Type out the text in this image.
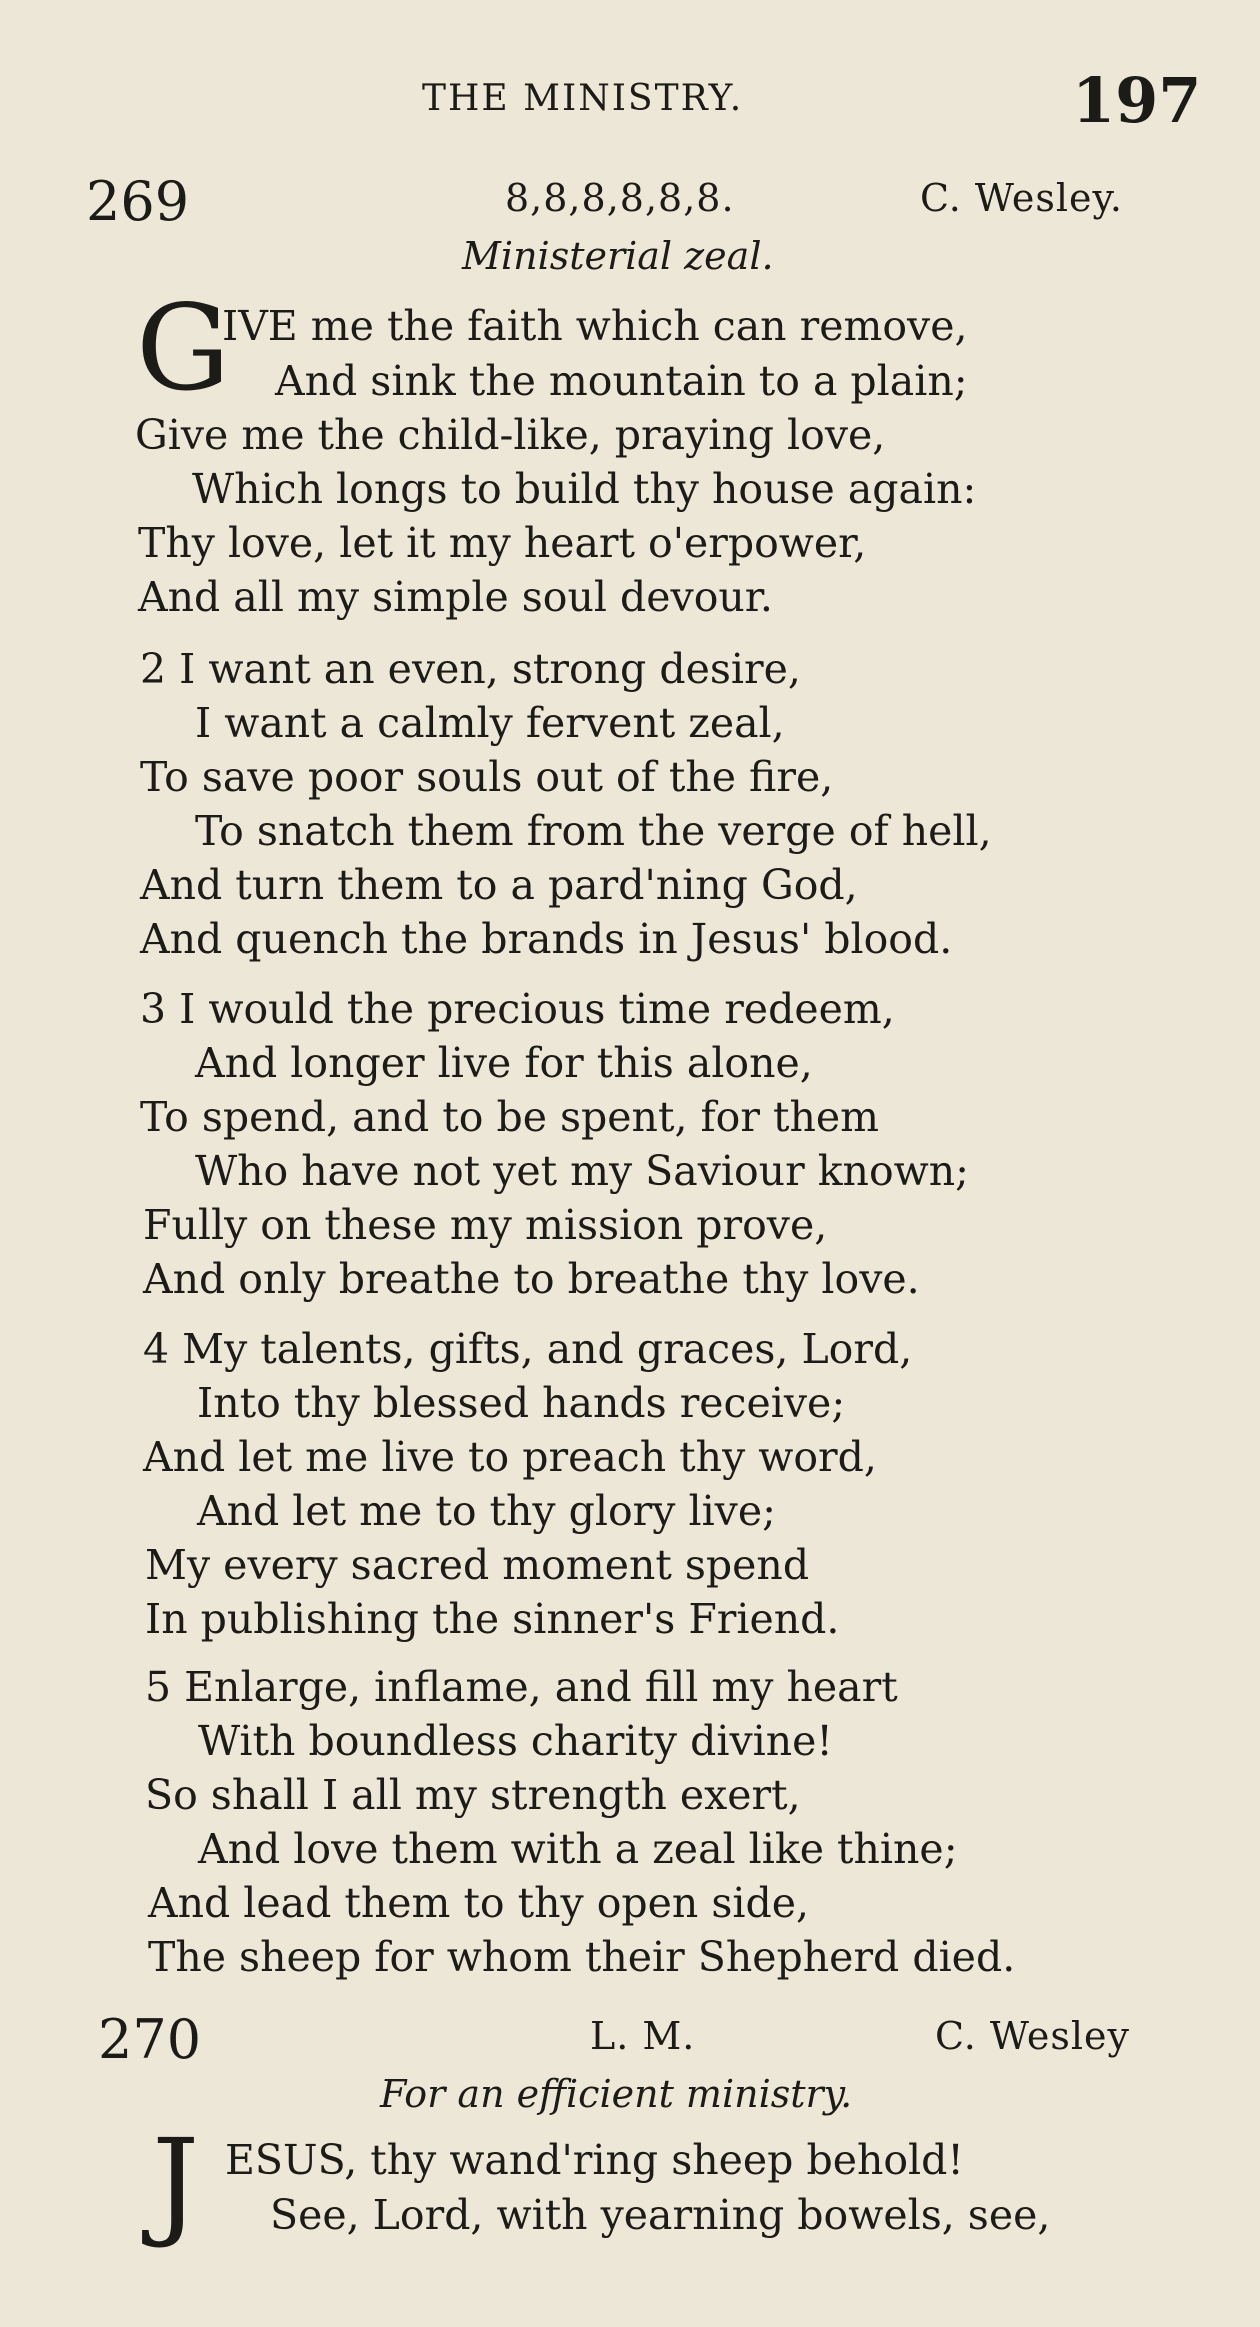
THE MINISTRY.	197
269	8,8,8,8,8,8.	C. Wesley.
Ministerial zeal.
G
IVE me the faith which can remove,
And sink the mountain to a plain;
Give me the child-like, praying love,
Which longs to build thy house again:
Thy love, let it my heart o'erpower,
And all my simple soul devour.
2 I want an even, strong desire,
I want a calmly fervent zeal,
To save poor souls out of the fire,
To snatch them from the verge of hell,
And turn them to a pard'ning God,
And quench the brands in Jesus' blood.
3 I would the precious time redeem,
And longer live for this alone,
To spend, and to be spent, for them
Who have not yet my Saviour known;
Fully on these my mission prove,
And only breathe to breathe thy love.
4 My talents, gifts, and graces, Lord,
Into thy blessed hands receive;
And let me live to preach thy word,
And let me to thy glory live;
My every sacred moment spend
In publishing the sinner's Friend.
5 Enlarge, inflame, and fill my heart
With boundless charity divine!
So shall I all my strength exert,
And love them with a zeal like thine;
And lead them to thy open side,
The sheep for whom their Shepherd died.
270	L. M.	C. Wesley
For an efficient ministry.
J ESUS, thy wand'ring sheep behold!
See, Lord, with yearning bowels, see,
